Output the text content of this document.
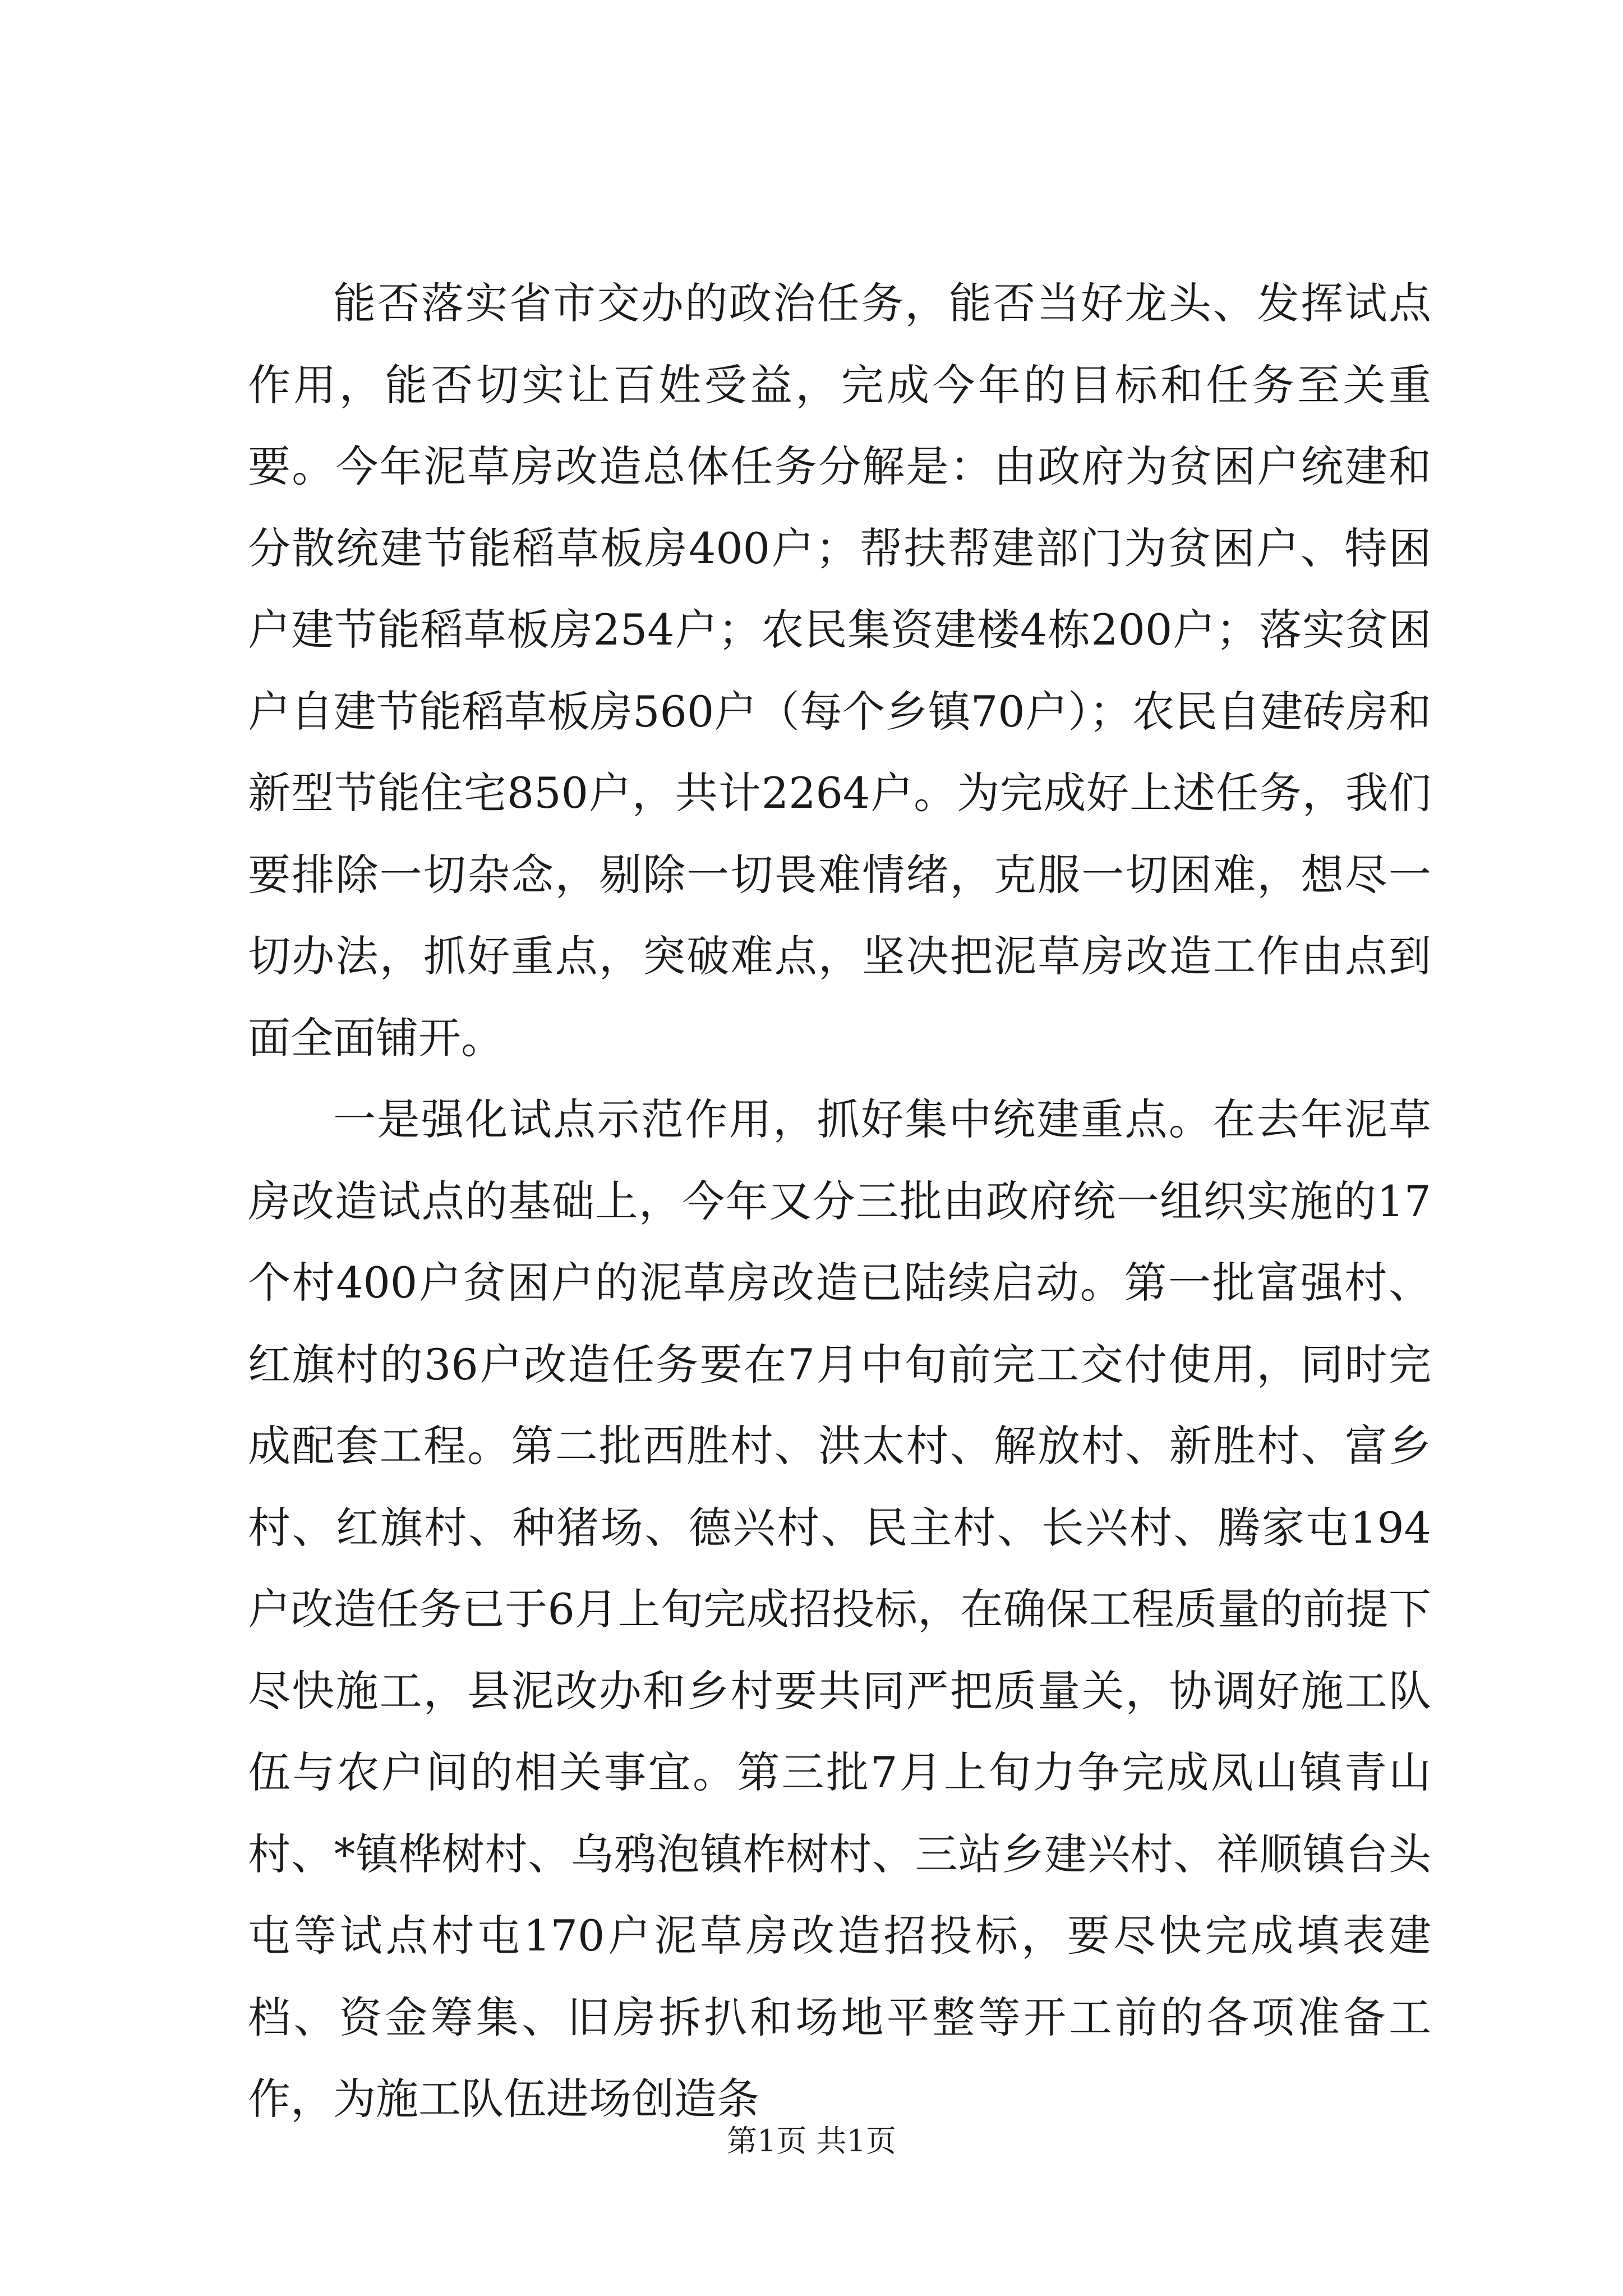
能否落实省市交办的政治任务，能否当好龙头、发挥试点作用，能否切实让百姓受益，完成今年的目标和任务至关重要。今年泥草房改造总体任务分解是：由政府为贫困户统建和分散统建节能稻草板房400户；帮扶帮建部门为贫困户、特困户建节能稻草板房254户；农民集资建楼4栋200户；落实贫困户自建节能稻草板房560户（每个乡镇70户）；农民自建砖房和新型节能住宅850户，共计2264户。为完成好上述任务，我们要排除一切杂念，剔除一切畏难情绪，克服一切困难，想尽一切办法，抓好重点，突破难点，坚决把泥草房改造工作由点到面全面铺开。

一是强化试点示范作用，抓好集中统建重点。在去年泥草房改造试点的基础上，今年又分三批由政府统一组织实施的17个村400户贫困户的泥草房改造已陆续启动。第一批富强村、红旗村的36户改造任务要在7月中旬前完工交付使用，同时完成配套工程。第二批西胜村、洪太村、解放村、新胜村、富乡村、红旗村、种猪场、德兴村、民主村、长兴村、腾家屯194户改造任务已于6月上旬完成招投标，在确保工程质量的前提下尽快施工，县泥改办和乡村要共同严把质量关，协调好施工队伍与农户间的相关事宜。第三批7月上旬力争完成凤山镇青山村、*镇桦树村、乌鸦泡镇柞树村、三站乡建兴村、祥顺镇台头屯等试点村屯170户泥草房改造招投标，要尽快完成填表建档、资金筹集、旧房拆扒和场地平整等开工前的各项准备工作，为施工队伍进场创造条

第1页 共1页
